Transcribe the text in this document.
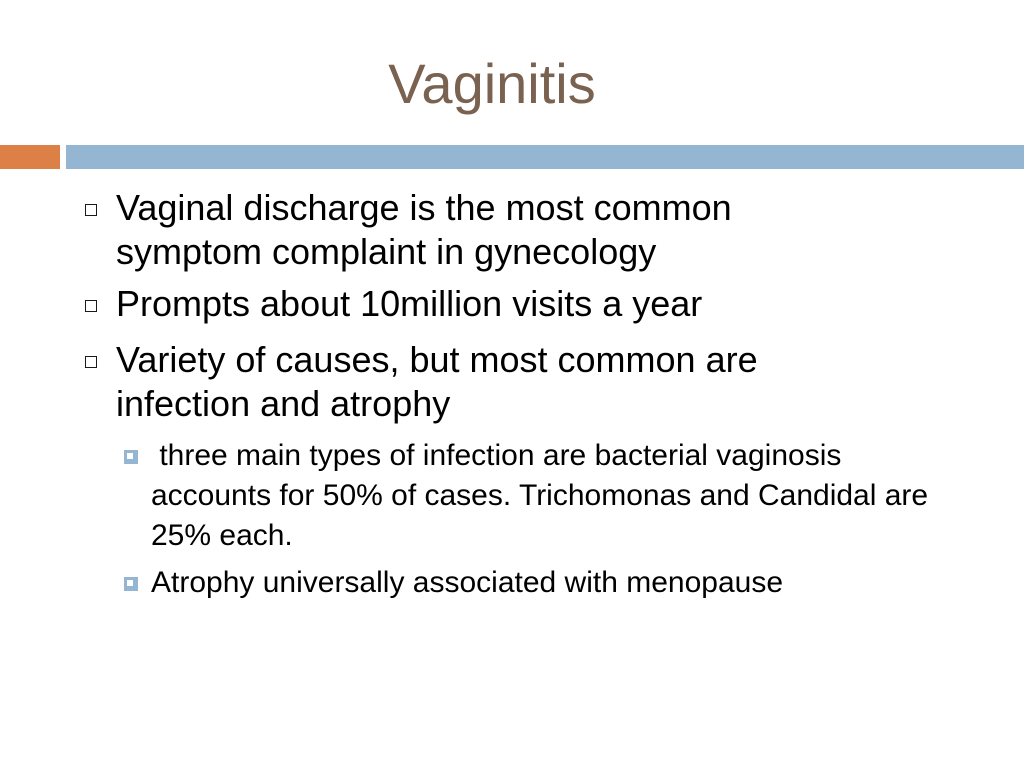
Vaginitis
Vaginal discharge is the most common symptom complaint in gynecology
Prompts about 10million visits a year
Variety of causes, but most common are infection and atrophy
three main types of infection are bacterial vaginosis accounts for 50% of cases. Trichomonas and Candidal are 25% each.
Atrophy universally associated with menopause
